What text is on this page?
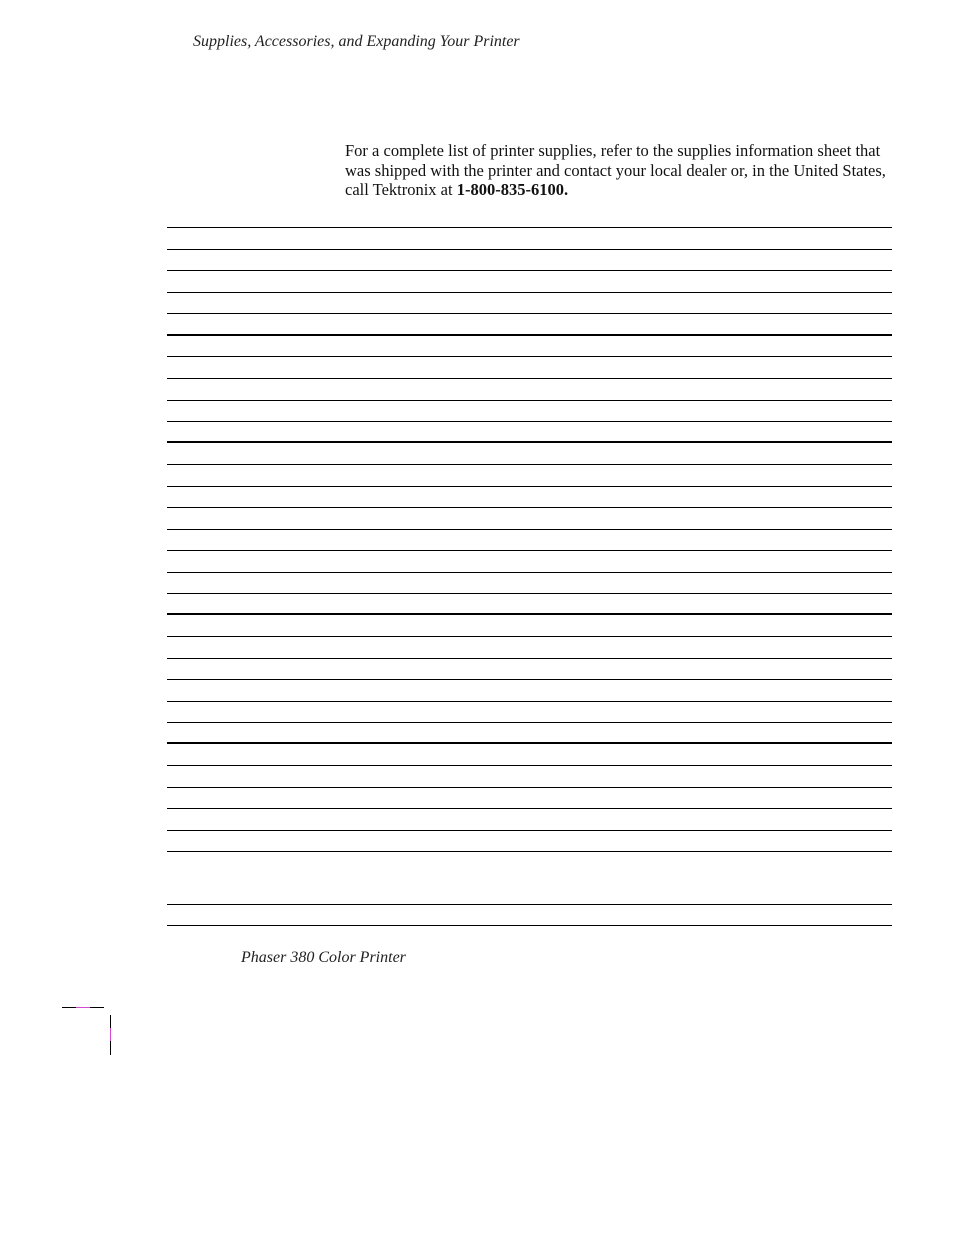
Supplies, Accessories, and Expanding Your Printer

For a complete list of printer supplies, refer to the supplies information sheet that was shipped with the printer and contact your local dealer or, in the United States, call Tektronix at 1-800-835-6100.

Phaser 380 Color Printer
